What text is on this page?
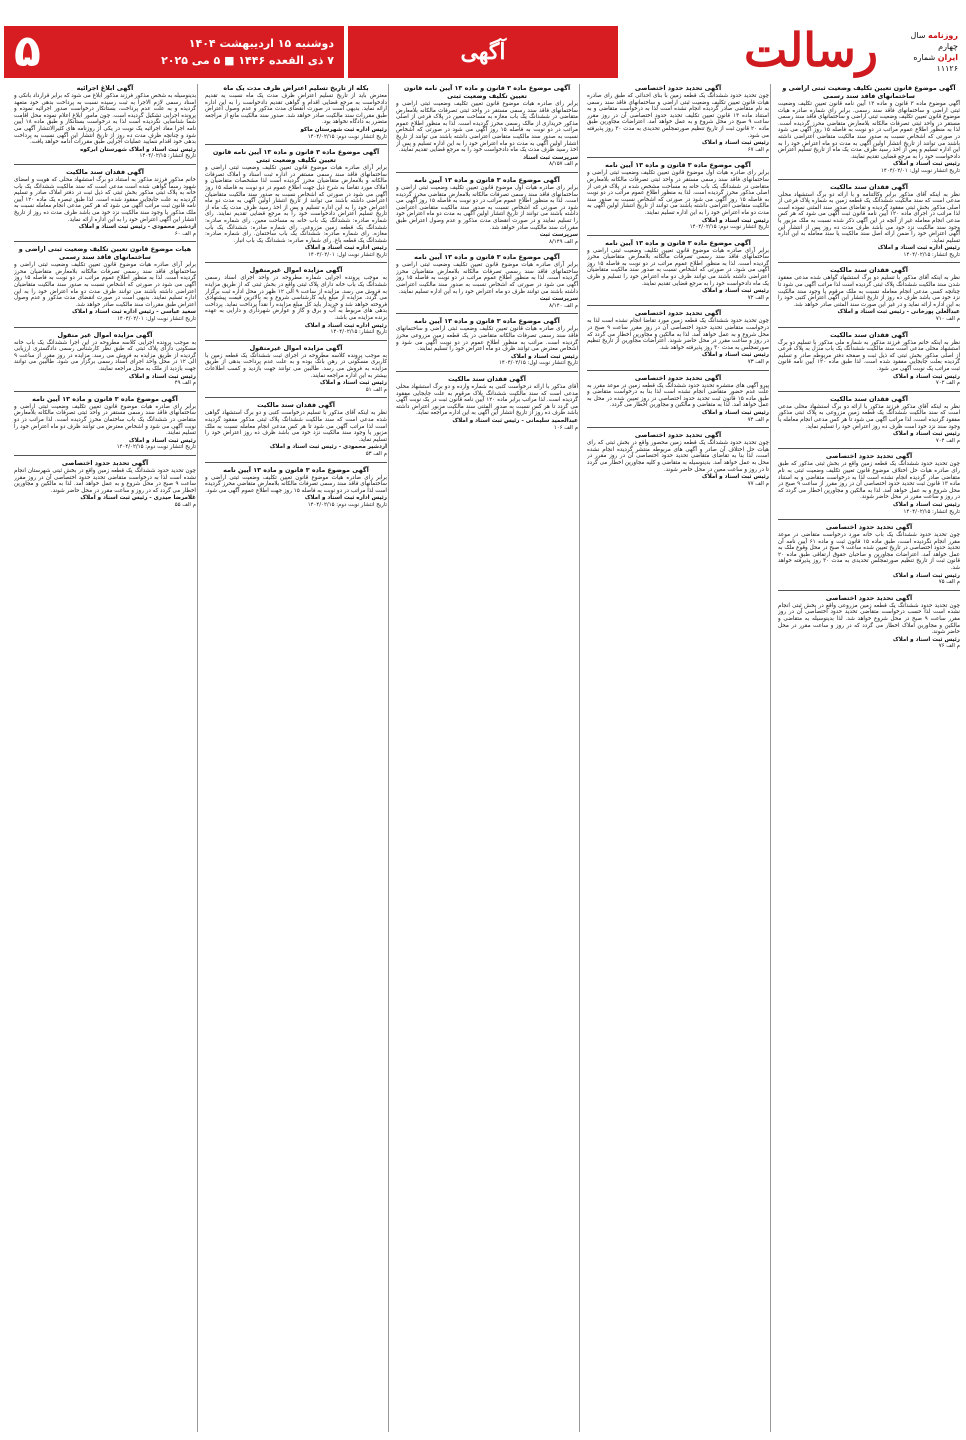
روزنامه سال چهارم
ایران شماره ۱۱۱۲۶
رسالت
آگهی
دوشنبه ۱۵ اردیبهشت ۱۴۰۴
۷ ذی القعده ۱۴۴۶ ■ ۵ می ۲۰۲۵
۵
آگهی موضوع قانون تعیین تکلیف وضعیت ثبتی اراضی و ساختمانهای فاقد سند رسمی
آگهی موضوع ماده ۳ قانون و ماده ۱۳ آیین نامه قانون تعیین تکلیف وضعیت ثبتی اراضی و ساختمانهای فاقد سند رسمی. برابر رای شماره صادره هیات موضوع قانون تعیین تکلیف وضعیت ثبتی اراضی و ساختمانهای فاقد سند رسمی مستقر در واحد ثبتی تصرفات مالکانه بلامعارض متقاضی محرز گردیده است. لذا به منظور اطلاع عموم مراتب در دو نوبت به فاصله ۱۵ روز آگهی می شود در صورتی که اشخاص نسبت به صدور سند مالکیت متقاضی اعتراضی داشته باشند می توانند از تاریخ انتشار اولین آگهی به مدت دو ماه اعتراض خود را به این اداره تسلیم و پس از اخذ رسید ظرف مدت یک ماه از تاریخ تسلیم اعتراض دادخواست خود را به مرجع قضایی تقدیم نمایند.
رئیس ثبت اسناد و املاک
تاریخ انتشار نوبت اول: ۱۴۰۴/۰۲/۰۱
آگهی فقدان سند مالکیت
نظر به اینکه آقای مذکور برابر وکالتنامه و با ارائه دو برگ استشهاد محلی مدعی است که سند مالکیت ششدانگ یک قطعه زمین به شماره پلاک فرعی از اصلی مذکور بخش ثبتی مفقود گردیده و تقاضای صدور سند المثنی نموده است لذا مراتب در اجرای ماده ۱۲۰ آیین نامه قانون ثبت آگهی می شود که هر کس مدعی انجام معامله غیر از آنچه در این آگهی ذکر شده نسبت به ملک مزبور یا وجود سند مالکیت نزد خود می باشد ظرف مدت ده روز پس از انتشار این آگهی اعتراض خود را ضمن ارائه اصل سند مالکیت یا سند معامله به این اداره تسلیم نماید.
رئیس اداره ثبت اسناد و املاک
تاریخ انتشار: ۱۴۰۴/۰۲/۱۵
آگهی فقدان سند مالکیت
نظر به اینکه آقای مذکور با تسلیم دو برگ استشهاد گواهی شده مدعی مفقود شدن سند مالکیت ششدانگ پلاک ثبتی گردیده است لذا مراتب آگهی می شود تا چنانچه کسی مدعی انجام معامله نسبت به ملک مرقوم یا وجود سند مالکیت نزد خود می باشد ظرف ده روز از تاریخ انتشار این آگهی اعتراض کتبی خود را به این اداره ارائه نماید و در غیر این صورت سند المثنی صادر خواهد شد.
عبدالعلی پورخانی - رئیس ثبت اسناد و املاک
م الف ۷۱۰
آگهی فقدان سند مالکیت
نظر به اینکه خانم مذکور فرزند مذکور به شماره ملی مذکور با تسلیم دو برگ استشهاد محلی مدعی است سند مالکیت ششدانگ یک باب منزل به پلاک فرعی از اصلی مذکور بخش ثبتی که ذیل ثبت و صفحه دفتر مربوطه صادر و تسلیم گردیده بعلت جابجایی مفقود شده است. لذا طبق ماده ۱۲۰ آیین نامه قانون ثبت مراتب یک نوبت آگهی می شود.
رئیس ثبت اسناد و املاک
م الف ۷۰۲
آگهی فقدان سند مالکیت
نظر به اینکه آقای مذکور فرزند مذکور با ارائه دو برگ استشهاد محلی مدعی است که سند مالکیت ششدانگ یک قطعه زمین مزروعی به پلاک ثبتی مذکور مفقود گردیده است، لذا مراتب آگهی می شود تا هر کس مدعی انجام معامله یا وجود سند نزد خود است ظرف ده روز اعتراض خود را تسلیم نماید.
رئیس ثبت اسناد و املاک
م الف ۷۰۴
آگهی تحدید حدود اختصاصی
چون تحدید حدود ششدانگ یک قطعه زمین واقع در بخش ثبتی مذکور که طبق رای صادره هیات حل اختلاف موضوع قانون تعیین تکلیف وضعیت ثبتی به نام متقاضی صادر گردیده انجام نشده است لذا به درخواست متقاضی و به استناد ماده ۱۳ قانون ثبت تحدید حدود اختصاصی آن در روز مقرر از ساعت ۹ صبح در محل شروع و به عمل خواهد آمد. لذا به مالکین و مجاورین اخطار می گردد که در روز و ساعت مقرر در محل حاضر شوند.
رئیس ثبت اسناد و املاک
تاریخ انتشار: ۱۴۰۴/۰۲/۱۵
آگهی تحدید حدود اختصاصی
چون تحدید حدود ششدانگ یک باب خانه مورد درخواست متقاضی در موعد مقرر انجام نگردیده است، طبق ماده ۱۵ قانون ثبت و ماده ۶۱ آیین نامه آن تحدید حدود اختصاصی در تاریخ تعیین شده ساعت ۹ صبح در محل وقوع ملک به عمل خواهد آمد. اعتراضات مجاورین و صاحبان حقوق ارتفاقی طبق ماده ۲۰ قانون ثبت از تاریخ تنظیم صورتمجلس تحدیدی به مدت ۳۰ روز پذیرفته خواهد شد.
رئیس ثبت اسناد و املاک
م الف ۷۵
آگهی تحدید حدود اختصاصی
چون تحدید حدود ششدانگ یک قطعه زمین مزروعی واقع در بخش ثبتی انجام نشده است لذا حسب درخواست متقاضی تحدید حدود اختصاصی آن در روز مقرر ساعت ۹ صبح در محل شروع خواهد شد. لذا بدینوسیله به متقاضی و مالکین و مجاورین املاک اخطار می گردد که در روز و ساعت مقرر در محل حاضر شوند.
رئیس ثبت اسناد و املاک
م الف ۷۶
آگهی تحدید حدود اختصاصی
چون تحدید حدود ششدانگ یک قطعه زمین با بنای احداثی که طبق رای صادره هیات قانون تعیین تکلیف وضعیت ثبتی اراضی و ساختمانهای فاقد سند رسمی به نام متقاضی صادر گردیده انجام نشده است لذا به درخواست متقاضی و به استناد ماده ۱۳ قانون تعیین تکلیف تحدید حدود اختصاصی آن در روز مقرر ساعت ۹ صبح در محل شروع و به عمل خواهد آمد. اعتراضات مجاورین طبق ماده ۲۰ قانون ثبت از تاریخ تنظیم صورتمجلس تحدیدی به مدت ۳۰ روز پذیرفته می شود.
رئیس ثبت اسناد و املاک
م الف ۶۷
آگهی موضوع ماده ۳ قانون و ماده ۱۳ آیین نامه
برابر رای صادره هیات اول موضوع قانون تعیین تکلیف وضعیت ثبتی اراضی و ساختمانهای فاقد سند رسمی مستقر در واحد ثبتی تصرفات مالکانه بلامعارض متقاضی در ششدانگ یک باب خانه به مساحت مشخص شده در پلاک فرعی از اصلی مذکور محرز گردیده است. لذا به منظور اطلاع عموم مراتب در دو نوبت به فاصله ۱۵ روز آگهی می شود در صورتی که اشخاص نسبت به صدور سند مالکیت متقاضی اعتراضی داشته باشند می توانند از تاریخ انتشار اولین آگهی به مدت دو ماه اعتراض خود را به این اداره تسلیم نمایند.
رئیس ثبت اسناد و املاک
تاریخ انتشار نوبت دوم: ۱۴۰۴/۰۲/۱۵
آگهی موضوع ماده ۳ قانون و ماده ۱۳ آیین نامه
برابر آرای صادره هیات موضوع قانون تعیین تکلیف وضعیت ثبتی اراضی و ساختمانهای فاقد سند رسمی تصرفات مالکانه بلامعارض متقاضیان محرز گردیده است. لذا به منظور اطلاع عموم مراتب در دو نوبت به فاصله ۱۵ روز آگهی می شود. در صورتی که اشخاص نسبت به صدور سند مالکیت متقاضیان اعتراضی داشته باشند می توانند ظرف دو ماه اعتراض خود را تسلیم و ظرف یک ماه دادخواست خود را به مرجع قضایی تقدیم نمایند.
رئیس ثبت اسناد و املاک
م الف ۷۲
آگهی تحدید حدود اختصاصی
چون تحدید حدود ششدانگ یک قطعه زمین مورد تقاضا انجام نشده است لذا به درخواست متقاضی تحدید حدود اختصاصی آن در روز مقرر ساعت ۹ صبح در محل شروع و به عمل خواهد آمد. لذا به مالکین و مجاورین اخطار می گردد که در روز و ساعت مقرر در محل حاضر شوند. اعتراضات مجاورین از تاریخ تنظیم صورتمجلس به مدت ۳۰ روز پذیرفته خواهد شد.
رئیس ثبت اسناد و املاک
م الف ۷۳
آگهی تحدید حدود اختصاصی
پیرو آگهی های منتشره تحدید حدود ششدانگ یک قطعه زمین در موعد مقرر به علت عدم حضور متقاضی انجام نشده است لذا بنا به درخواست متقاضی و طبق ماده ۱۵ قانون ثبت تحدید حدود اختصاصی در روز تعیین شده در محل به عمل خواهد آمد. لذا به متقاضی و مالکین و مجاورین اخطار می گردد.
رئیس ثبت اسناد و املاک
م الف ۷۴
آگهی تحدید حدود اختصاصی
چون تحدید حدود ششدانگ یک قطعه زمین محصور واقع در بخش ثبتی که رای هیات حل اختلاف آن صادر و آگهی های مربوطه منتشر گردیده انجام نشده است، لذا بنا به تقاضای متقاضی تحدید حدود اختصاصی آن در روز مقرر در محل به عمل خواهد آمد. بدینوسیله به متقاضی و کلیه مجاورین اخطار می گردد تا در روز و ساعت معین در محل حاضر شوند.
رئیس ثبت اسناد و املاک
م الف ۷۷
آگهی موضوع ماده ۳ قانون و ماده ۱۳ آیین نامه قانون تعیین تکلیف وضعیت ثبتی
برابر رای صادره هیات موضوع قانون تعیین تکلیف وضعیت ثبتی اراضی و ساختمانهای فاقد سند رسمی مستقر در واحد ثبتی تصرفات مالکانه بلامعارض متقاضی در ششدانگ یک باب مغازه به مساحت معین در پلاک فرعی از اصلی مذکور خریداری از مالک رسمی محرز گردیده است. لذا به منظور اطلاع عموم مراتب در دو نوبت به فاصله ۱۵ روز آگهی می شود در صورتی که اشخاص نسبت به صدور سند مالکیت متقاضی اعتراضی داشته باشند می توانند از تاریخ انتشار اولین آگهی به مدت دو ماه اعتراض خود را به این اداره تسلیم و پس از اخذ رسید ظرف مدت یک ماه دادخواست خود را به مرجع قضایی تقدیم نمایند.
سرپرست ثبت اسناد
م الف ۸/۱۵۷
آگهی موضوع ماده ۳ قانون و ماده ۱۳ آیین نامه
برابر رای صادره هیات اول موضوع قانون تعیین تکلیف وضعیت ثبتی اراضی و ساختمانهای فاقد سند رسمی تصرفات مالکانه بلامعارض متقاضی محرز گردیده است. لذا به منظور اطلاع عموم مراتب در دو نوبت به فاصله ۱۵ روز آگهی می شود در صورتی که اشخاص نسبت به صدور سند مالکیت متقاضی اعتراضی داشته باشند می توانند از تاریخ انتشار اولین آگهی به مدت دو ماه اعتراض خود را تسلیم نمایند و در صورت انقضای مدت مذکور و عدم وصول اعتراض طبق مقررات سند مالکیت صادر خواهد شد.
سرپرست ثبت
م الف ۸/۱۴۹
آگهی موضوع ماده ۳ قانون و ماده ۱۳ آیین نامه
برابر آرای صادره هیات موضوع قانون تعیین تکلیف وضعیت ثبتی اراضی و ساختمانهای فاقد سند رسمی تصرفات مالکانه بلامعارض متقاضیان محرز گردیده است. لذا به منظور اطلاع عموم مراتب در دو نوبت به فاصله ۱۵ روز آگهی می شود در صورتی که اشخاص نسبت به صدور سند مالکیت اعتراضی داشته باشند می توانند ظرف دو ماه اعتراض خود را به این اداره تسلیم نمایند.
سرپرست ثبت
م الف ۸/۱۴۰
آگهی موضوع ماده ۳ قانون و ماده ۱۳ آیین نامه
برابر رای صادره هیات قانون تعیین تکلیف وضعیت ثبتی اراضی و ساختمانهای فاقد سند رسمی تصرفات مالکانه متقاضی در یک قطعه زمین مزروعی محرز گردیده است. مراتب به منظور اطلاع عموم در دو نوبت آگهی می شود و اشخاص معترض می توانند ظرف دو ماه اعتراض خود را تسلیم نمایند.
رئیس ثبت اسناد و املاک
تاریخ انتشار نوبت اول: ۱۴۰۴/۰۲/۱۵
آگهی فقدان سند مالکیت
آقای مذکور با ارائه درخواست کتبی به شماره وارده و دو برگ استشهاد محلی مدعی است که سند مالکیت ششدانگ پلاک مرقوم به علت جابجایی مفقود گردیده است. لذا مراتب برابر ماده ۱۲۰ آیین نامه قانون ثبت در یک نوبت آگهی می گردد تا هر کس نسبت به صدور المثنی سند مالکیت مزبور اعتراض داشته باشد ظرف ده روز از تاریخ انتشار این آگهی به این اداره مراجعه نماید.
عبدالحمید سلیمانی - رئیس ثبت اسناد و املاک
م الف ۱۰۶
بکله از تاریخ تسلیم اعتراض ظرف مدت یک ماه
معترض باید از تاریخ تسلیم اعتراض ظرف مدت یک ماه نسبت به تقدیم دادخواست به مرجع قضایی اقدام و گواهی تقدیم دادخواست را به این اداره ارائه نماید. بدیهی است در صورت انقضای مدت مذکور و عدم وصول اعتراض طبق مقررات سند مالکیت صادر خواهد شد. صدور سند مالکیت مانع از مراجعه متضرر به دادگاه نخواهد بود.
رئیس اداره ثبت شهرستان ماکو
تاریخ انتشار نوبت دوم: ۱۴۰۴/۰۲/۱۵
آگهی موضوع ماده ۳ قانون و ماده ۱۳ آیین نامه قانون تعیین تکلیف وضعیت ثبتی
برابر آرای صادره هیات موضوع قانون تعیین تکلیف وضعیت ثبتی اراضی و ساختمانهای فاقد سند رسمی مستقر در اداره ثبت اسناد و املاک تصرفات مالکانه و بلامعارض متقاضیان محرز گردیده است لذا مشخصات متقاضیان و املاک مورد تقاضا به شرح ذیل جهت اطلاع عموم در دو نوبت به فاصله ۱۵ روز آگهی می شود در صورتی که اشخاص نسبت به صدور سند مالکیت متقاضیان اعتراضی داشته باشند می توانند از تاریخ انتشار اولین آگهی به مدت دو ماه اعتراض خود را به این اداره تسلیم و پس از اخذ رسید ظرف مدت یک ماه از تاریخ تسلیم اعتراض دادخواست خود را به مرجع قضایی تقدیم نمایند. رای شماره صادره: ششدانگ یک باب خانه به مساحت معین. رای شماره صادره: ششدانگ یک قطعه زمین مزروعی. رای شماره صادره: ششدانگ یک باب مغازه. رای شماره صادره: ششدانگ یک باب ساختمان. رای شماره صادره: ششدانگ یک قطعه باغ. رای شماره صادره: ششدانگ یک باب انبار.
رئیس اداره ثبت اسناد و املاک
تاریخ انتشار نوبت اول: ۱۴۰۴/۰۲/۰۱
آگهی مزایده اموال غیرمنقول
به موجب پرونده اجرایی شماره مطروحه در واحد اجرای اسناد رسمی ششدانگ یک باب خانه دارای پلاک ثبتی واقع در بخش ثبتی که از طریق مزایده به فروش می رسد. مزایده از ساعت ۹ الی ۱۲ ظهر در محل اداره ثبت برگزار می گردد. مزایده از مبلغ پایه کارشناسی شروع و به بالاترین قیمت پیشنهادی فروخته خواهد شد و خریدار باید کل مبلغ مزایده را نقداً پرداخت نماید. پرداخت بدهی های مربوط به آب و برق و گاز و عوارض شهرداری و دارایی به عهده برنده مزایده می باشد.
رئیس اداره ثبت اسناد و املاک
تاریخ انتشار: ۱۴۰۴/۰۲/۱۵
آگهی مزایده اموال غیرمنقول
به موجب پرونده کلاسه مطروحه در اجرای ثبت ششدانگ یک قطعه زمین با کاربری مسکونی در رهن بانک بوده و به علت عدم پرداخت بدهی از طریق مزایده به فروش می رسد. طالبین می توانند جهت بازدید و کسب اطلاعات بیشتر به این اداره مراجعه نمایند.
رئیس ثبت اسناد و املاک
م الف ۵۱
آگهی فقدان سند مالکیت
نظر به اینکه آقای مذکور با تسلیم درخواست کتبی و دو برگ استشهاد گواهی شده مدعی است که سند مالکیت ششدانگ پلاک ثبتی مذکور مفقود گردیده است لذا مراتب آگهی می شود تا هر کس مدعی انجام معامله نسبت به ملک مزبور یا وجود سند مالکیت نزد خود می باشد ظرف ده روز اعتراض خود را تسلیم نماید.
اردشیر محمودی - رئیس ثبت اسناد و املاک
م الف ۵۳
آگهی موضوع ماده ۳ قانون و ماده ۱۳ آیین نامه
برابر رای صادره هیات موضوع قانون تعیین تکلیف وضعیت ثبتی اراضی و ساختمانهای فاقد سند رسمی تصرفات مالکانه بلامعارض متقاضی محرز گردیده است لذا مراتب در دو نوبت به فاصله ۱۵ روز جهت اطلاع عموم آگهی می شود.
رئیس اداره ثبت اسناد و املاک
تاریخ انتشار نوبت دوم: ۱۴۰۴/۰۲/۱۵
آگهی ابلاغ اجرائیه
بدینوسیله به شخص مذکور فرزند مذکور ابلاغ می شود که برابر قرارداد بانکی و اسناد رسمی لازم الاجرا به ثبت رسیده نسبت به پرداخت بدهی خود متعهد گردیده و به علت عدم پرداخت، بستانکار درخواست صدور اجرائیه نموده و پرونده اجرایی تشکیل گردیده است. چون مامور ابلاغ اعلام نموده محل اقامت شما شناسایی نگردیده است لذا به درخواست بستانکار و طبق ماده ۱۸ آیین نامه اجرا مفاد اجرائیه یک نوبت در یکی از روزنامه های کثیرالانتشار آگهی می شود و چنانچه ظرف مدت ده روز از تاریخ انتشار این آگهی نسبت به پرداخت بدهی خود اقدام ننمایید عملیات اجرایی طبق مقررات ادامه خواهد یافت.
رئیس ثبت اسناد و املاک شهرستان ابرکوه
تاریخ انتشار: ۱۴۰۴/۰۲/۱۵
آگهی فقدان سند مالکیت
خانم مذکور فرزند مذکور به استناد دو برگ استشهاد محلی که هویت و امضای شهود رسماً گواهی شده است مدعی است که سند مالکیت ششدانگ یک باب خانه به پلاک ثبتی مذکور بخش ثبتی که ذیل ثبت در دفتر املاک صادر و تسلیم گردیده به علت جابجایی مفقود شده است. لذا طبق تبصره یک ماده ۱۲۰ آیین نامه قانون ثبت مراتب آگهی می شود که هر کس مدعی انجام معامله نسبت به ملک مذکور یا وجود سند مالکیت نزد خود می باشد ظرف مدت ده روز از تاریخ انتشار این آگهی اعتراض خود را به این اداره ارائه نماید.
اردشیر محمودی - رئیس ثبت اسناد و املاک
م الف ۶۰
هیات موضوع قانون تعیین تکلیف وضعیت ثبتی اراضی و ساختمانهای فاقد سند رسمی
برابر آرای صادره هیات موضوع قانون تعیین تکلیف وضعیت ثبتی اراضی و ساختمانهای فاقد سند رسمی تصرفات مالکانه بلامعارض متقاضیان محرز گردیده است. لذا به منظور اطلاع عموم مراتب در دو نوبت به فاصله ۱۵ روز آگهی می شود در صورتی که اشخاص نسبت به صدور سند مالکیت متقاضیان اعتراضی داشته باشند می توانند ظرف مدت دو ماه اعتراض خود را به این اداره تسلیم نمایند. بدیهی است در صورت انقضای مدت مذکور و عدم وصول اعتراض طبق مقررات سند مالکیت صادر خواهد شد.
سعید عباسی - رئیس اداره ثبت اسناد و املاک
تاریخ انتشار نوبت اول: ۱۴۰۴/۰۲/۰۱
آگهی مزایده اموال غیر منقول
به موجب پرونده اجرایی کلاسه مطروحه در این اجرا ششدانگ یک باب خانه مسکونی دارای پلاک ثبتی که طبق نظر کارشناس رسمی دادگستری ارزیابی گردیده از طریق مزایده به فروش می رسد. مزایده در روز مقرر از ساعت ۹ الی ۱۲ در محل واحد اجرای اسناد رسمی برگزار می شود. طالبین می توانند جهت بازدید از ملک به محل مراجعه نمایند.
رئیس ثبت اسناد و املاک
م الف ۴۹
آگهی موضوع ماده ۳ قانون و ماده ۱۳ آیین نامه
برابر رای صادره هیات موضوع قانون تعیین تکلیف وضعیت ثبتی اراضی و ساختمانهای فاقد سند رسمی مستقر در واحد ثبتی تصرفات مالکانه بلامعارض متقاضی در ششدانگ یک باب ساختمان محرز گردیده است. لذا مراتب در دو نوبت آگهی می شود و اشخاص معترض می توانند ظرف دو ماه اعتراض خود را تسلیم نمایند.
رئیس ثبت اسناد و املاک
تاریخ انتشار نوبت دوم: ۱۴۰۴/۰۲/۱۵
آگهی تحدید حدود اختصاصی
چون تحدید حدود ششدانگ یک قطعه زمین واقع در بخش ثبتی شهرستان انجام نشده است لذا به درخواست متقاضی تحدید حدود اختصاصی آن در روز مقرر ساعت ۹ صبح در محل شروع و به عمل خواهد آمد. لذا به مالکین و مجاورین اخطار می گردد که در روز و ساعت مقرر در محل حاضر شوند.
غلامرضا حیدری - رئیس ثبت اسناد و املاک
م الف ۵۵
